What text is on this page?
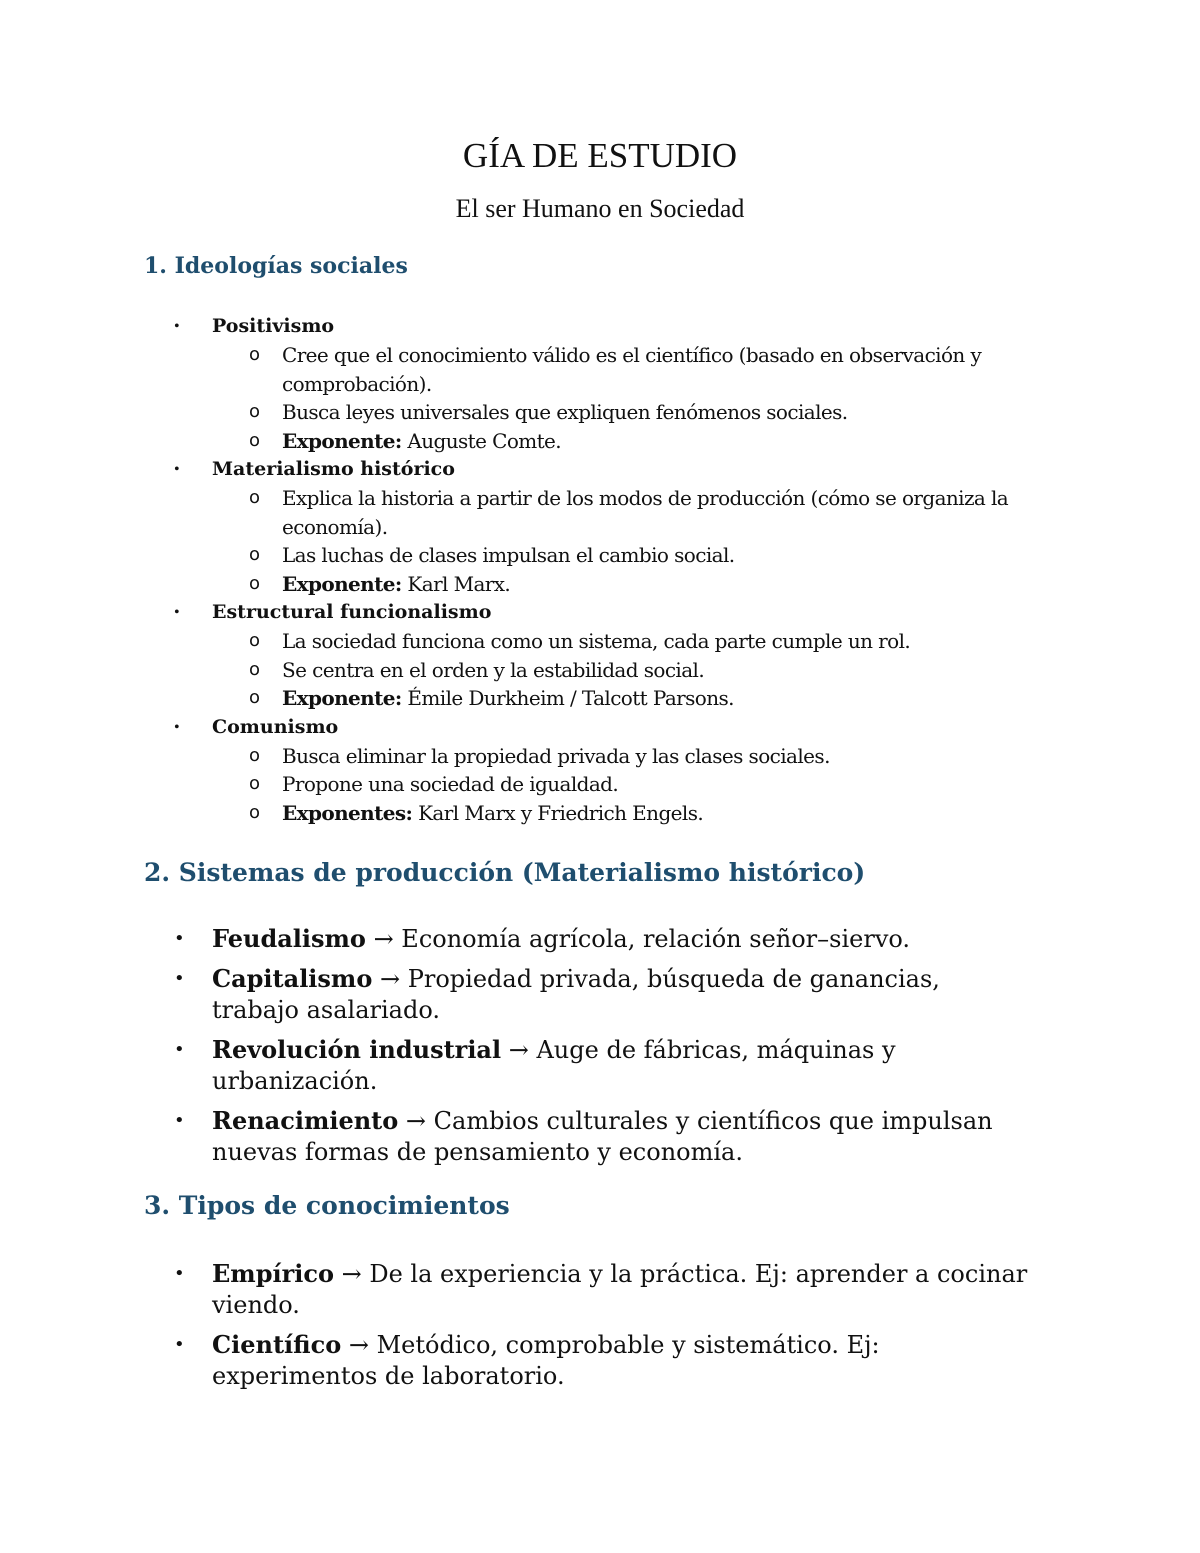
GÍA DE ESTUDIO
El ser Humano en Sociedad
1. Ideologías sociales
• Positivismo
o Cree que el conocimiento válido es el científico (basado en observación y comprobación).
o Busca leyes universales que expliquen fenómenos sociales.
o Exponente: Auguste Comte.
• Materialismo histórico
o Explica la historia a partir de los modos de producción (cómo se organiza la economía).
o Las luchas de clases impulsan el cambio social.
o Exponente: Karl Marx.
• Estructural funcionalismo
o La sociedad funciona como un sistema, cada parte cumple un rol.
o Se centra en el orden y la estabilidad social.
o Exponente: Émile Durkheim / Talcott Parsons.
• Comunismo
o Busca eliminar la propiedad privada y las clases sociales.
o Propone una sociedad de igualdad.
o Exponentes: Karl Marx y Friedrich Engels.
2. Sistemas de producción (Materialismo histórico)
• Feudalismo → Economía agrícola, relación señor–siervo.
• Capitalismo → Propiedad privada, búsqueda de ganancias, trabajo asalariado.
• Revolución industrial → Auge de fábricas, máquinas y urbanización.
• Renacimiento → Cambios culturales y científicos que impulsan nuevas formas de pensamiento y economía.
3. Tipos de conocimientos
• Empírico → De la experiencia y la práctica. Ej: aprender a cocinar viendo.
• Científico → Metódico, comprobable y sistemático. Ej: experimentos de laboratorio.
